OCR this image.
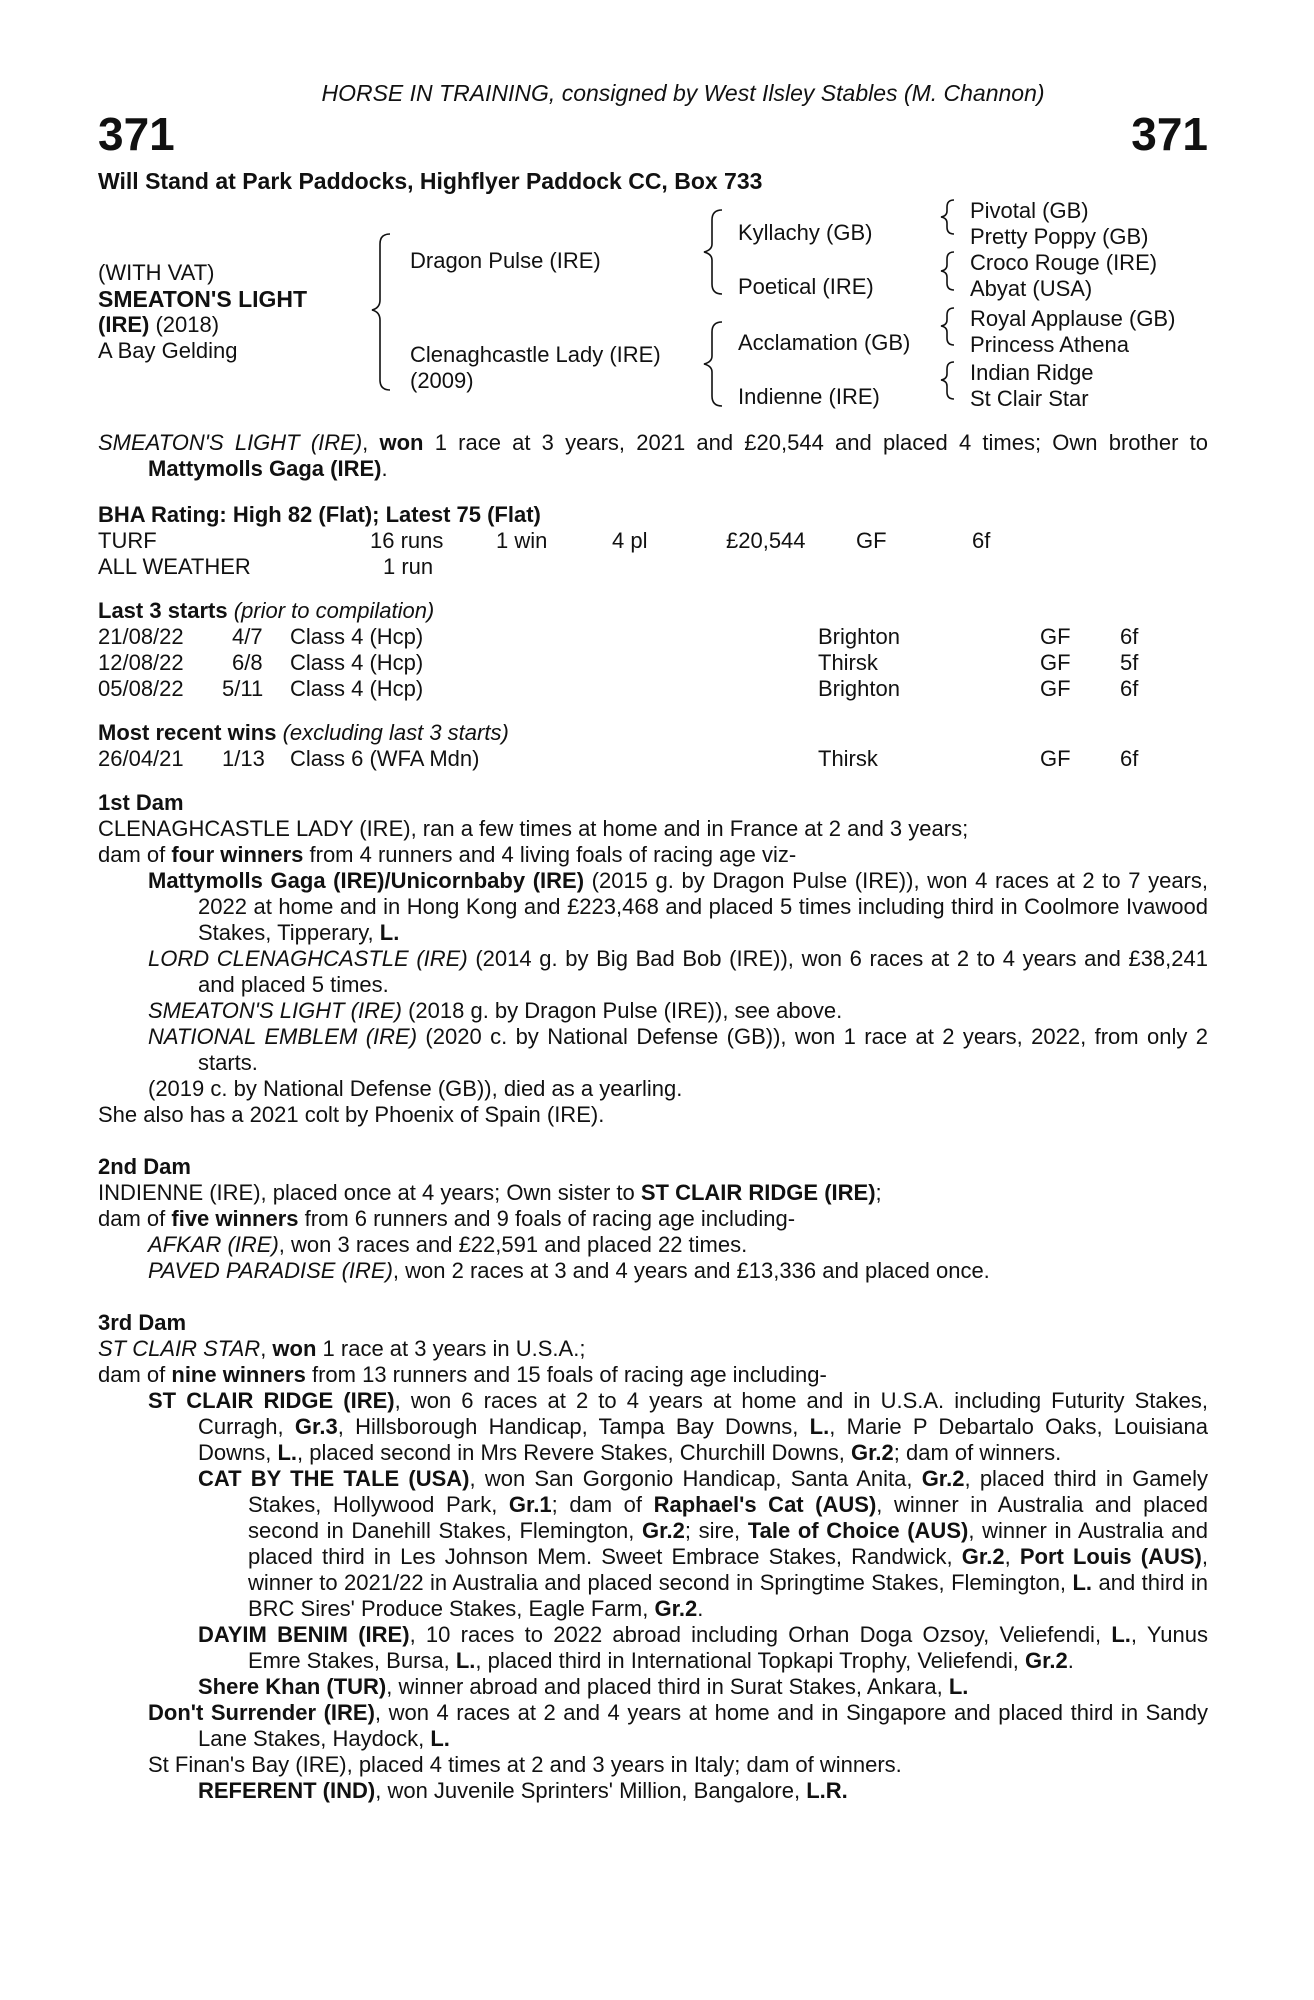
HORSE IN TRAINING, consigned by West Ilsley Stables (M. Channon)
371	371
Will Stand at Park Paddocks, Highflyer Paddock CC, Box 733
(WITH VAT)
SMEATON'S LIGHT
(IRE) (2018)
A Bay Gelding
Dragon Pulse (IRE)
Clenaghcastle Lady (IRE)
(2009)
Kyllachy (GB)
Poetical (IRE)
Acclamation (GB)
Indienne (IRE)
Pivotal (GB)
Pretty Poppy (GB)
Croco Rouge (IRE)
Abyat (USA)
Royal Applause (GB)
Princess Athena
Indian Ridge
St Clair Star

SMEATON'S LIGHT (IRE), won 1 race at 3 years, 2021 and £20,544 and placed 4 times; Own brother to Mattymolls Gaga (IRE).

BHA Rating: High 82 (Flat); Latest 75 (Flat)
TURF	16 runs 1 win	4 pl	£20,544 GF	6f
ALL WEATHER	1 run
Last 3 starts (prior to compilation)
21/08/22 4/7 Class 4 (Hcp)	Brighton	GF 6f
12/08/22 6/8 Class 4 (Hcp)	Thirsk	GF 5f
05/08/22 5/11 Class 4 (Hcp)	Brighton	GF 6f
Most recent wins (excluding last 3 starts)
26/04/21 1/13 Class 6 (WFA Mdn)	Thirsk	GF 6f
1st Dam

CLENAGHCASTLE LADY (IRE), ran a few times at home and in France at 2 and 3 years;

dam of four winners from 4 runners and 4 living foals of racing age viz-

Mattymolls Gaga (IRE)/Unicornbaby (IRE) (2015 g. by Dragon Pulse (IRE)), won 4 races at 2 to 7 years, 2022 at home and in Hong Kong and £223,468 and placed 5 times including third in Coolmore Ivawood Stakes, Tipperary, L.

LORD CLENAGHCASTLE (IRE) (2014 g. by Big Bad Bob (IRE)), won 6 races at 2 to 4 years and £38,241 and placed 5 times.

SMEATON'S LIGHT (IRE) (2018 g. by Dragon Pulse (IRE)), see above.

NATIONAL EMBLEM (IRE) (2020 c. by National Defense (GB)), won 1 race at 2 years, 2022, from only 2 starts.

(2019 c. by National Defense (GB)), died as a yearling.

She also has a 2021 colt by Phoenix of Spain (IRE).

2nd Dam

INDIENNE (IRE), placed once at 4 years; Own sister to ST CLAIR RIDGE (IRE);

dam of five winners from 6 runners and 9 foals of racing age including-

AFKAR (IRE), won 3 races and £22,591 and placed 22 times.

PAVED PARADISE (IRE), won 2 races at 3 and 4 years and £13,336 and placed once.

3rd Dam

ST CLAIR STAR, won 1 race at 3 years in U.S.A.;

dam of nine winners from 13 runners and 15 foals of racing age including-

ST CLAIR RIDGE (IRE), won 6 races at 2 to 4 years at home and in U.S.A. including Futurity Stakes, Curragh, Gr.3, Hillsborough Handicap, Tampa Bay Downs, L., Marie P Debartalo Oaks, Louisiana Downs, L., placed second in Mrs Revere Stakes, Churchill Downs, Gr.2; dam of winners.

CAT BY THE TALE (USA), won San Gorgonio Handicap, Santa Anita, Gr.2, placed third in Gamely Stakes, Hollywood Park, Gr.1; dam of Raphael's Cat (AUS), winner in Australia and placed second in Danehill Stakes, Flemington, Gr.2; sire, Tale of Choice (AUS), winner in Australia and placed third in Les Johnson Mem. Sweet Embrace Stakes, Randwick, Gr.2, Port Louis (AUS), winner to 2021/22 in Australia and placed second in Springtime Stakes, Flemington, L. and third in BRC Sires' Produce Stakes, Eagle Farm, Gr.2.

DAYIM BENIM (IRE), 10 races to 2022 abroad including Orhan Doga Ozsoy, Veliefendi, L., Yunus Emre Stakes, Bursa, L., placed third in International Topkapi Trophy, Veliefendi, Gr.2.

Shere Khan (TUR), winner abroad and placed third in Surat Stakes, Ankara, L.

Don't Surrender (IRE), won 4 races at 2 and 4 years at home and in Singapore and placed third in Sandy Lane Stakes, Haydock, L.

St Finan's Bay (IRE), placed 4 times at 2 and 3 years in Italy; dam of winners.

REFERENT (IND), won Juvenile Sprinters' Million, Bangalore, L.R.
